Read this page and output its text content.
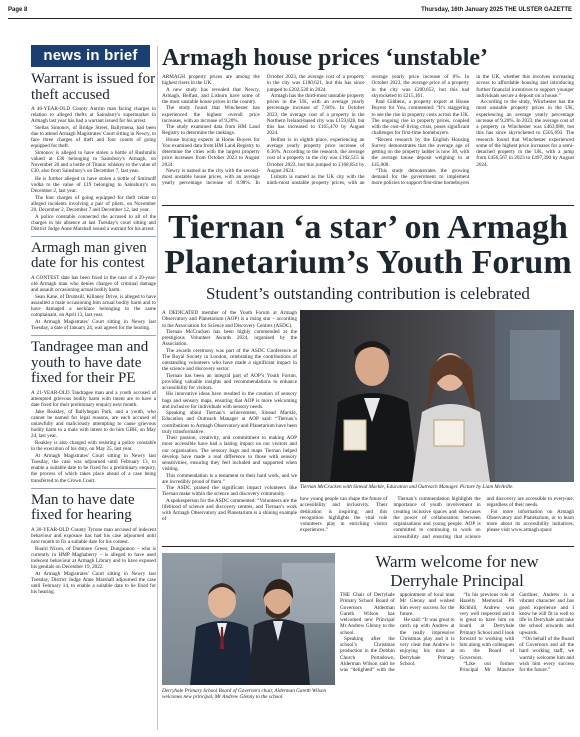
Page 8	Thursday, 16th January 2025 THE ULSTER GAZETTE
news in brief
Warrant is issued for theft accused

A 40-YEAR-OLD County Antrim man facing charges in relation to alleged thefts at Sainsbury's supermarket in Armagh last year has had a warrant issued for his arrest.

Stellas Simonov, of Bridge Street, Ballymena, had been due to attend Armagh Magistrates' Court sitting in Newry, to face three charges of theft and four counts of going equipped for theft.

Simonov is alleged to have stolen a bottle of Bushmills valued at £30 belonging to Sainsbury's Armagh, on November 20 and a bottle of Titanic whiskey to the value of £30, also from Sainsbury's on December 7, last year.

He is further alleged to have stolen a bottle of Smirnoff vodka to the value of £19 belonging to Sainsbury's on December 2, last year.

The four charges of going equipped for theft relate to alleged incidents involving a pair of pliers, on November 20, December 2, December 7 and December 12, last year.

A police constable connected the accused to all of the charges in his absence at last Tuesday's court sitting and District Judge Anne Marshall issued a warrant for his arrest.

Armagh man given date for his contest

A CONTEST date has been fixed in the case of a 29-year-old Armagh man who denies charges of criminal damage and assault occasioning actual bodily harm.

Sean Kane, of Drumsill, Killaney Drive, is alleged to have assaulted a male occasioning him actual bodily harm and to have damaged a necklace belonging to the same complainant, on April 13, last year.

At Armagh Magistrates' Court sitting in Newry last Tuesday, a date of January 24, was agreed for the hearing.

Tandragee man and youth to have date fixed for their PE

A 21-YEAR-OLD Tandragee man and a youth accused of attempted grievous bodily harm with intent are to have a date fixed for their preliminary enquiry next month.

Jake Boakley, of Ballyhegan Park, and a youth, who cannot be named for legal reasons, are each accused of unlawfully and maliciously attempting to cause grievous bodily harm to a male with intent to do him GBH, on May 24, last year.

Boakley is also charged with resisting a police constable in the execution of his duty, on May 25, last year.

At Armagh Magistrates' Court sitting in Newry last Tuesday, the case was adjourned until February 13, to enable a suitable date to be fixed for a preliminary enquiry, the process of which takes place ahead of a case being transferred to the Crown Court.

Man to have date fixed for hearing

A 30-YEAR-OLD County Tyrone man accused of indecent behaviour and exposure has had his case adjourned until next month to fix a suitable date for his contest.

Ruairi Nixon, of Dunmore Green, Dungannon – who is currently in HMP Maghaberry – is alleged to have used indecent behaviour at Armagh Library and to have exposed his genitals on December 19, 2022.

At Armagh Magistrates' Court sitting in Newry last Tuesday, District Judge Anne Marshall adjourned the case until February 14, to enable a suitable date to be fixed for his hearing.

Armagh house prices ‘unstable’

ARMAGH property prices are among the highest risers in the UK.

A new study has revealed that Newry, Armagh, Belfast, and Lisburn have some of the most unstable house prices in the country.

The study found that Winchester has experienced the highest overall price increases, with an increase of 9.20%.

The study examined data from HM Land Registry to determine the rankings.

House buying experts at Home Buyers for You examined data from HM Land Registry to determine the cities with the largest property price increases from October 2023 to August 2024.

Newry is named as the city with the second-most unstable house prices, with an average yearly percentage increase of 8.98%. In October 2023, the average cost of a property in the city was £180,621, but this has since jumped to £202,520 in 2024.

Armagh has the third-most unstable property prices in the UK, with an average yearly percentage increase of 7.66%. In October 2023, the average cost of a property in the Northern Ireland-based city was £159,828, but this has increased to £165,470 by August 2024.

Belfast is in eighth place, experiencing an average yearly property price increase of 6.36%. According to the research, the average cost of a property in the city was £162,515 in October 2023, but this jumped to £168,854 by August 2024.

Lisburn is named as the UK city with the ninth-most unstable property prices, with an average yearly price increase of 6%. In October 2023, the average price of a property in the city was £200,052, but this had skyrocketed to £215,161.

Paul Gibbens, a property expert at House Buyers for You, commented: “It’s staggering to see the rise in property costs across the UK. The ongoing rise in property prices, coupled with the cost-of-living crisis, poses significant challenges for first-time homebuyers.

“Recent research by the English Housing Survey demonstrates that the average age of getting on the property ladder is now 30, with the average house deposit weighing in at £45,000.

“This study demonstrates the growing demand for the government to implement more policies to support first-time homebuyers in the UK, whether this involves increasing access to affordable housing and introducing further financial incentives to support younger individuals secure a deposit on a house.”

According to the study, Winchester has the most unstable property prices in the UK, experiencing an average yearly percentage increase of 9.20%. In 2023, the average cost of a property in Winchester was £463,088, but this has since skyrocketed to £505,693. The research found that Winchester experienced some of the highest price increases for a semi-detached property in the UK, with a jump from £456,567 in 2023 to £497,390 by August 2024.

Tiernan ‘a star’ on Armagh Planetarium’s Youth Forum
Student’s outstanding contribution is celebrated

A DEDICATED member of the Youth Forum at Armagh Observatory and Planetarium (AOP) is a rising star – according to the Association for Science and Discovery Centres (ASDC).

Tiernan McCracken has been highly commended at the prestigious Volunteer Awards 2024, organised by the Association.

The awards ceremony was part of the ASDC Conference at The Royal Society in London, celebrating the contributions of outstanding volunteers who have made a significant impact in the science and discovery sector.

Tiernan has been an integral part of AOP’s Youth Forum, providing valuable insights and recommendations to enhance accessibility for visitors.

His innovative ideas have resulted in the creation of sensory bags and sensory maps, ensuring that AOP is more welcoming and inclusive for individuals with sensory needs.

Speaking about Tiernan’s achievement, Sinead Mackle, Education and Outreach Manager at AOP said: “Tiernan’s contributions to Armagh Observatory and Planetarium have been truly transformative.

Their passion, creativity, and commitment to making AOP more accessible have had a lasting impact on our visitors and our organisation. The sensory bags and maps Tiernan helped develop have made a real difference to those with sensory sensitivities, ensuring they feel included and supported when visiting.

This commendation is a testament to their hard work, and we are incredibly proud of them.”

The ASDC praised the significant impact volunteers like Tiernan make within the science and discovery community.

A spokesperson for the ASDC commented: “Volunteers are the lifeblood of science and discovery centres, and Tiernan’s work with Armagh Observatory and Planetarium is a shining example of

Tiernan McCracken with Sinead Mackle, Education and Outreach Manager. Picture by Liam McArdle.

how young people can shape the future of accessibility and inclusivity. Their dedication is inspiring, and this recognition highlights the vital role volunteers play in enriching visitor experiences.”

Tiernan’s commendation highlights the importance of youth involvement in creating inclusive spaces and showcases the power of collaboration between organisations and young people. AOP is committed to continuing to work on accessibility and ensuring that science and discovery are accessible to everyone, regardless of their needs.

For more information on Armagh Observatory and Planetarium, or to learn more about its accessibility initiatives, please visit www.armagh.space

Warm welcome for new Derryhale Principal
Derryhale Primary School Board of Governors chair, Alderman Gareth Wilson welcomes new principal, Mr Andrew Glenny to the school.

THE Chair of Derryhale Primary School Board of Governors Alderman Gareth Wilson has welcomed new Principal Mr Andrew Glenny to the school.

Speaking after the school’s Christmas production in the Dobbin Church Portadown, Alderman Wilson said he was “delighted” with the appointment of local man Mr Glenny and wished him every success for the future.

He said: “It was great to catch up with Andrew at the really impressive Christmas play and it is very clear that Andrew is enjoying his time at Derryhale Primary School.

“In his previous role at Hazelly Memorial PS Richhill, Andrew was very well respected and it is great to have him on board at Derryhale Primary School and I look forward to working with him along with colleagues on the Board of Governors.

“Like our former Principal Mr Maurice Gardiner, Andrew is a vibrant character and has good experience and I know he will fit in well to life in Derryhale and take the school onwards and upwards.

“On behalf of the Board of Governors and all the hard working staff, we warmly welcome him and wish him every success for the future.”
